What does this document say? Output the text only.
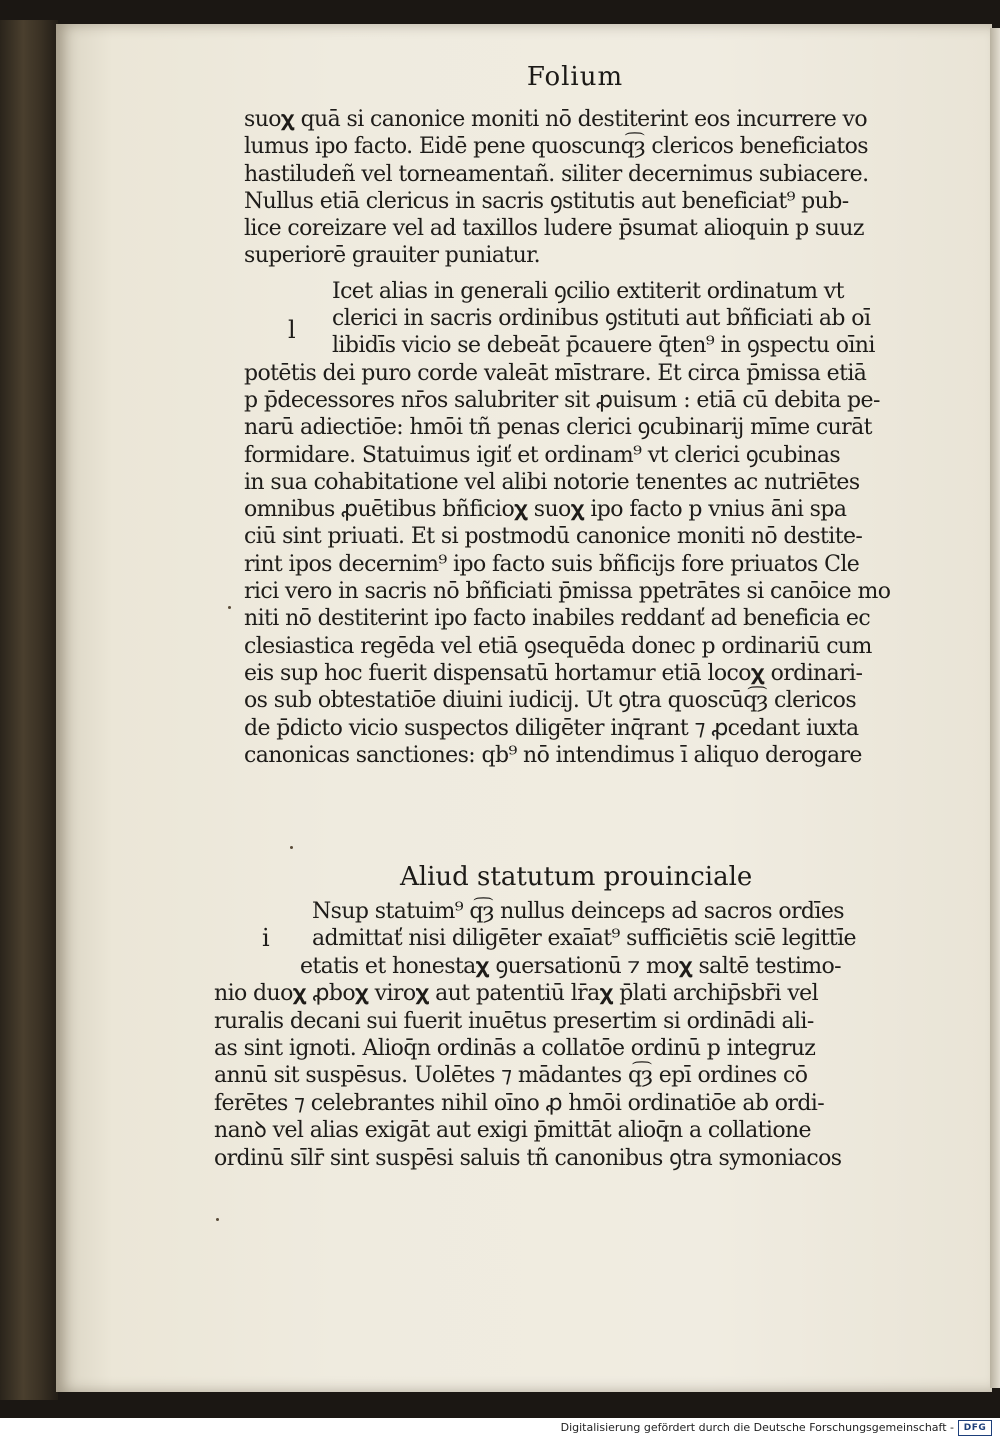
Folium
suo𝛘 quā si canonice moniti nō destiterint eos incurrere vo
lumus ipo facto. Eidē pene quoscunq͡ȝ clericos beneficiatos
hastiludeñ vel torneamentañ. siliter decernimus subiacere.
Nullus etiā clericus in sacris ꝯstitutis aut beneficiat⁹ pub-
lice coreizare vel ad taxillos ludere p̄sumat alioquin p suuz
superiorē grauiter puniatur.
Icet alias in generali ꝯcilio extiterit ordinatum vt
clerici in sacris ordinibus ꝯstituti aut bñficiati ab oī
libidīs vicio se debeāt p̄cauere q̄ten⁹ in ꝯspectu oīni
potētis dei puro corde valeāt mīstrare. Et circa p̄missa etiā
p p̄decessores nr̄os salubriter sit ꝓuisum : etiā cū debita pe-
narū adiectiōe: hmōi tñ penas clerici ꝯcubinarij mīme curāt
formidare. Statuimus igiť et ordinam⁹ vt clerici ꝯcubinas
in sua cohabitatione vel alibi notorie tenentes ac nutriētes
omnibus ꝓuētibus bñficio𝛘 suo𝛘 ipo facto p vnius āni spa
ciū sint priuati. Et si postmodū canonice moniti nō destite-
rint ipos decernim⁹ ipo facto suis bñficijs fore priuatos Cle
rici vero in sacris nō bñficiati p̄missa ppetrātes si canōice mo
niti nō destiterint ipo facto inabiles reddanť ad beneficia ec
clesiastica regēda vel etiā ꝯsequēda donec p ordinariū cum
eis sup hoc fuerit dispensatū hortamur etiā loco𝛘 ordinari-
os sub obtestatiōe diuini iudicij. Ut ꝯtra quoscūq͡ȝ clericos
de p̄dicto vicio suspectos diligēter inq̄rant ⁊ ꝓcedant iuxta
canonicas sanctiones: qb⁹ nō intendimus ī aliquo derogare
l
Aliud statutum prouinciale
i
Nsup statuim⁹ q͡ȝ nullus deinceps ad sacros ordīes
admittať nisi diligēter exaīat⁹ sufficiētis sciē legittīe
etatis et honesta𝛘 ꝯuersationū ⁊ mo𝛘 saltē testimo-
nio duo𝛘 ꝓbo𝛘 viro𝛘 aut patentiū lr̄a𝛘 p̄lati archip̄sbr̄i vel
ruralis decani sui fuerit inuētus presertim si ordinādi ali-
as sint ignoti. Alioq̄n ordinās a collatōe ordinū p integruz
annū sit suspēsus. Uolētes ⁊ mādantes q͡ȝ epī ordines cō
ferētes ⁊ celebrantes nihil oīno ꝓ hmōi ordinatiōe ab ordi-
nanꝺ vel alias exigāt aut exigi p̄mittāt alioq̄n a collatione
ordinū sīlr̄ sint suspēsi saluis tñ canonibus ꝯtra symoniacos
Digitalisierung gefördert durch die Deutsche Forschungsgemeinschaft -	DFG
